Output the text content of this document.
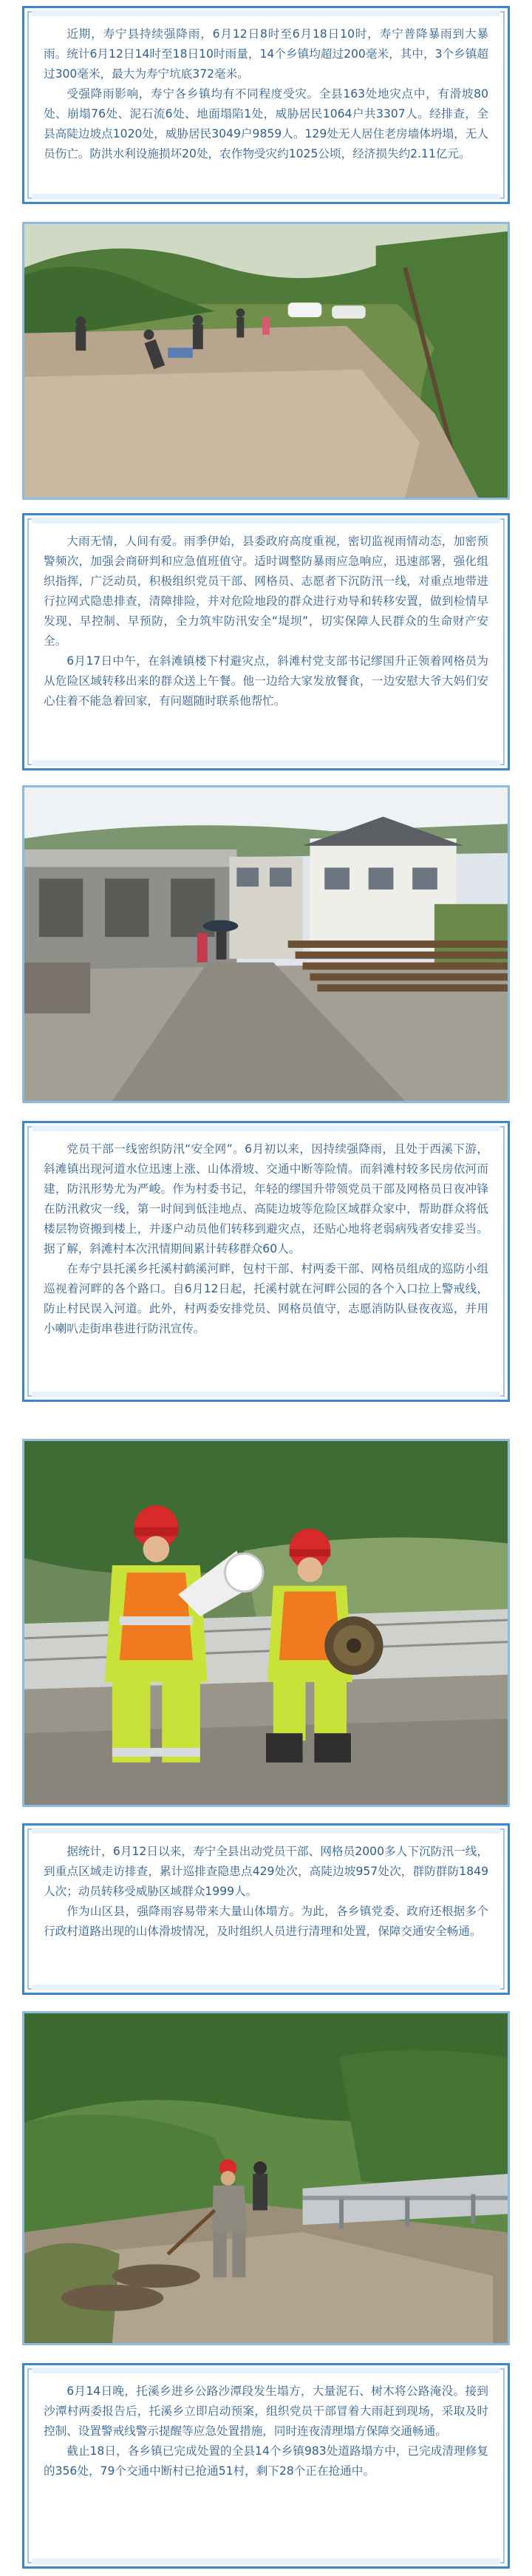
近期，寿宁县持续强降雨，6月12日8时至6月18日10时，寿宁普降暴雨到大暴雨。统计6月12日14时至18日10时雨量，14个乡镇均超过200毫米，其中，3个乡镇超过300毫米，最大为寿宁坑底372毫米。

受强降雨影响，寿宁各乡镇均有不同程度受灾。全县163处地灾点中，有滑坡80处、崩塌76处、泥石流6处、地面塌陷1处，威胁居民1064户共3307人。经排查，全县高陡边坡点1020处，威胁居民3049户9859人。129处无人居住老房墙体坍塌，无人员伤亡。防洪水利设施损坏20处，农作物受灾约1025公顷，经济损失约2.11亿元。

大雨无情，人间有爱。雨季伊始，县委政府高度重视，密切监视雨情动态，加密预警频次，加强会商研判和应急值班值守。适时调整防暴雨应急响应，迅速部署，强化组织指挥，广泛动员，积极组织党员干部、网格员、志愿者下沉防汛一线，对重点地带进行拉网式隐患排查，清障排险，并对危险地段的群众进行劝导和转移安置，做到检情早发现、早控制、早预防，全力筑牢防汛安全“堤坝”，切实保障人民群众的生命财产安全。

6月17日中午，在斜滩镇楼下村避灾点，斜滩村党支部书记缪国升正领着网格员为从危险区域转移出来的群众送上午餐。他一边给大家发放餐食，一边安慰大爷大妈们安心住着不能急着回家，有问题随时联系他帮忙。

党员干部一线密织防汛“安全网”。6月初以来，因持续强降雨，且处于西溪下游，斜滩镇出现河道水位迅速上涨、山体滑坡、交通中断等险情。而斜滩村较多民房依河而建，防汛形势尤为严峻。作为村委书记，年轻的缪国升带领党员干部及网格员日夜冲锋在防汛救灾一线，第一时间到低洼地点、高陡边坡等危险区域群众家中，帮助群众将低楼层物资搬到楼上，并逐户动员他们转移到避灾点，还贴心地将老弱病残者安排妥当。据了解，斜滩村本次汛情期间累计转移群众60人。

在寿宁县托溪乡托溪村鹤溪河畔，包村干部、村两委干部、网格员组成的巡防小组巡视着河畔的各个路口。自6月12日起，托溪村就在河畔公园的各个入口拉上警戒线，防止村民误入河道。此外，村两委安排党员、网格员值守，志愿消防队昼夜夜巡，并用小喇叭走街串巷进行防汛宣传。

据统计，6月12日以来，寿宁全县出动党员干部、网格员2000多人下沉防汛一线，到重点区域走访排查，累计巡排查隐患点429处次，高陡边坡957处次，群防群防1849人次；动员转移受威胁区域群众1999人。

作为山区县，强降雨容易带来大量山体塌方。为此，各乡镇党委、政府还根据多个行政村道路出现的山体滑坡情况，及时组织人员进行清理和处置，保障交通安全畅通。

6月14日晚，托溪乡进乡公路沙潭段发生塌方，大量泥石、树木将公路淹没。接到沙潭村两委报告后，托溪乡立即启动预案，组织党员干部冒着大雨赶到现场，采取及时控制、设置警戒线警示提醒等应急处置措施，同时连夜清理塌方保障交通畅通。

截止18日，各乡镇已完成处置的全县14个乡镇983处道路塌方中，已完成清理修复的356处，79个交通中断村已抢通51村，剩下28个正在抢通中。
